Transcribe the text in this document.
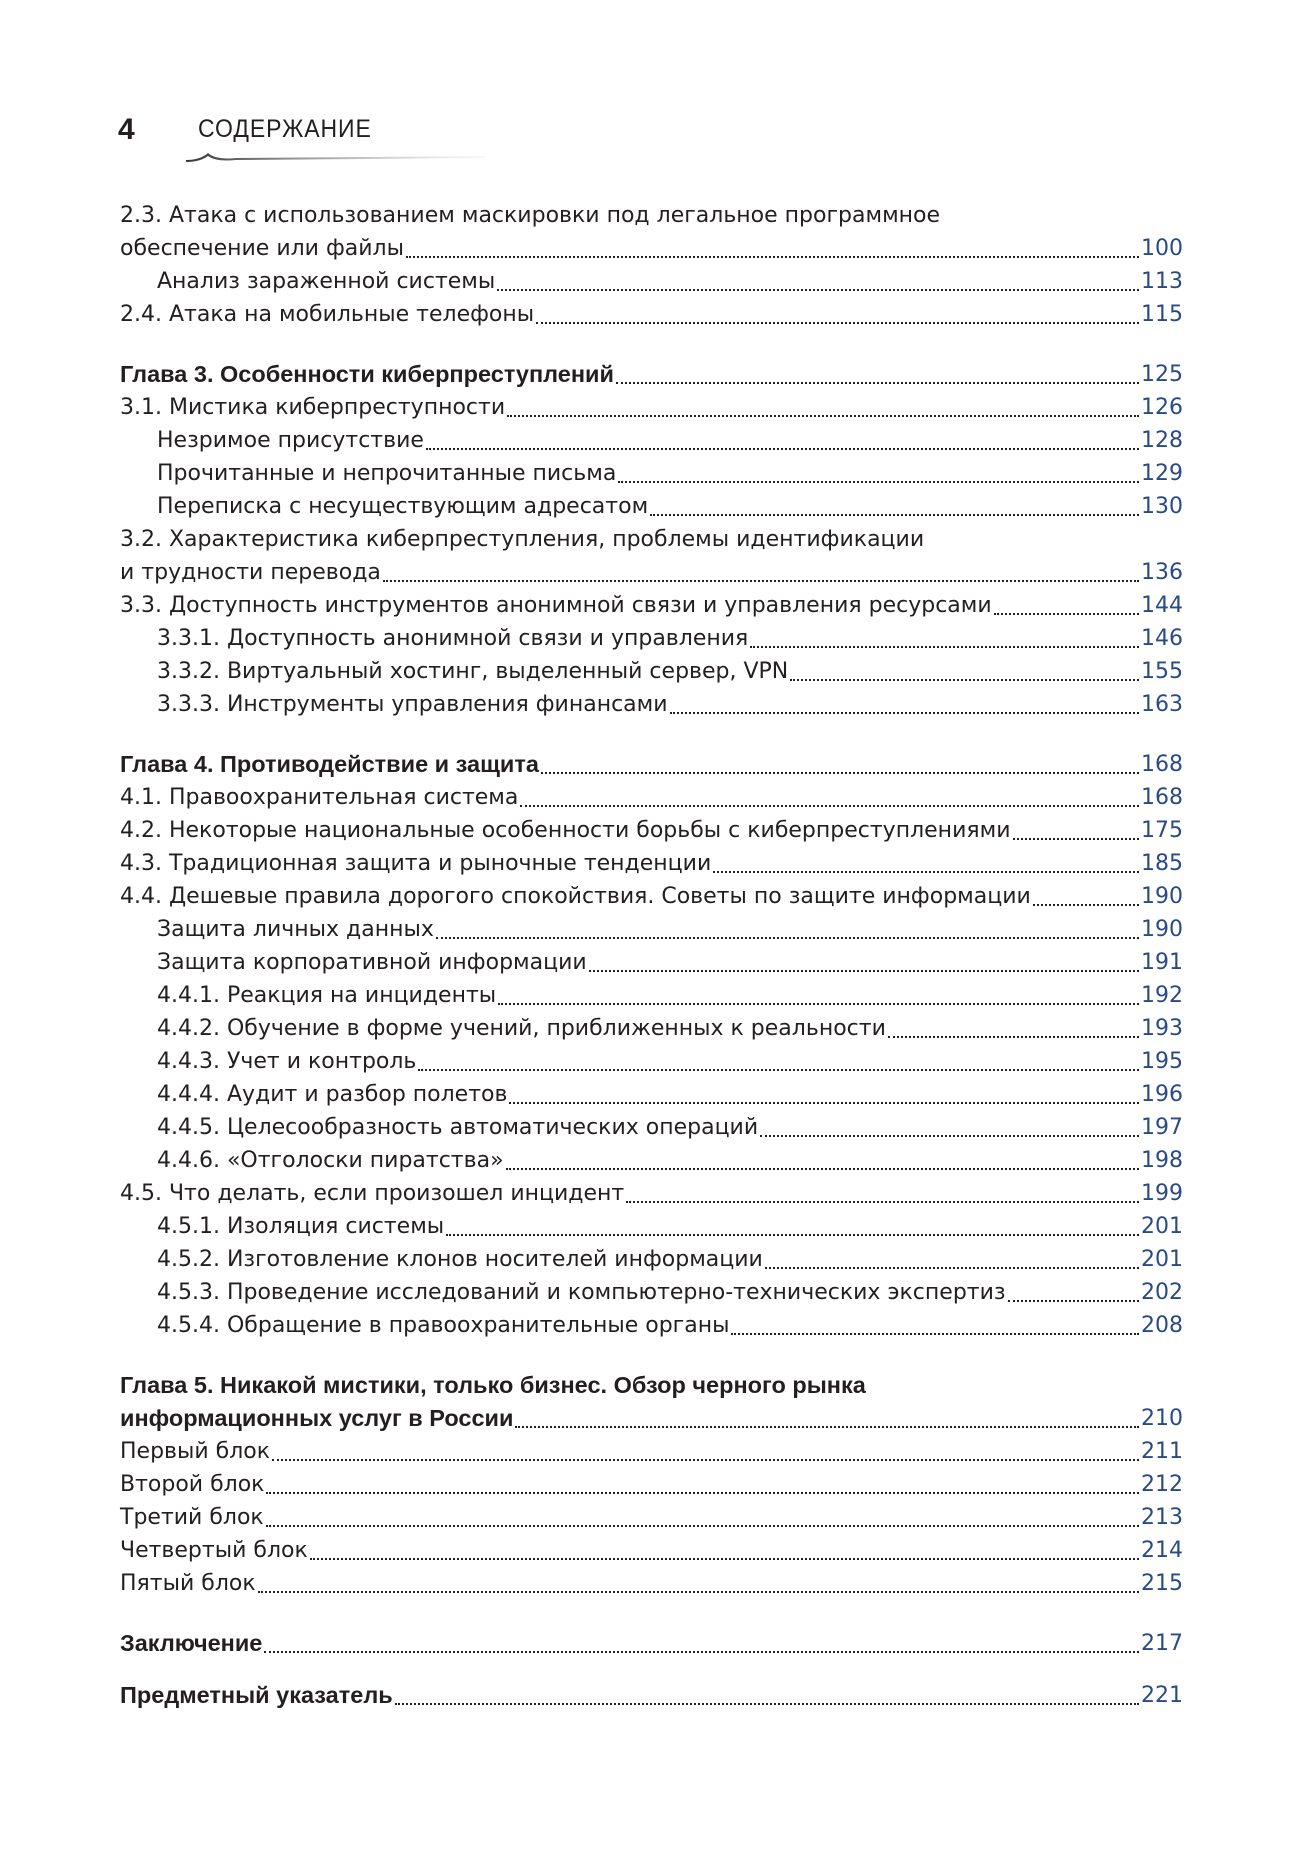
4	СОДЕРЖАНИЕ
2.3. Атака с использованием маскировки под легальное программное
обеспечение или файлы	100
Анализ зараженной системы	113
2.4. Атака на мобильные телефоны	115
Глава 3. Особенности киберпреступлений	125
3.1. Мистика киберпреступности	126
Незримое присутствие	128
Прочитанные и непрочитанные письма	129
Переписка с несуществующим адресатом	130
3.2. Характеристика киберпреступления, проблемы идентификации
и трудности перевода	136
3.3. Доступность инструментов анонимной связи и управления ресурсами	144
3.3.1. Доступность анонимной связи и управления	146
3.3.2. Виртуальный хостинг, выделенный сервер, VPN	155
3.3.3. Инструменты управления финансами	163
Глава 4. Противодействие и защита	168
4.1. Правоохранительная система	168
4.2. Некоторые национальные особенности борьбы с киберпреступлениями	175
4.3. Традиционная защита и рыночные тенденции	185
4.4. Дешевые правила дорогого спокойствия. Советы по защите информации	190
Защита личных данных	190
Защита корпоративной информации	191
4.4.1. Реакция на инциденты	192
4.4.2. Обучение в форме учений, приближенных к реальности	193
4.4.3. Учет и контроль	195
4.4.4. Аудит и разбор полетов	196
4.4.5. Целесообразность автоматических операций	197
4.4.6. «Отголоски пиратства»	198
4.5. Что делать, если произошел инцидент	199
4.5.1. Изоляция системы	201
4.5.2. Изготовление клонов носителей информации	201
4.5.3. Проведение исследований и компьютерно-технических экспертиз	202
4.5.4. Обращение в правоохранительные органы	208
Глава 5. Никакой мистики, только бизнес. Обзор черного рынка
информационных услуг в России	210
Первый блок	211
Второй блок	212
Третий блок	213
Четвертый блок	214
Пятый блок	215
Заключение	217
Предметный указатель	221
